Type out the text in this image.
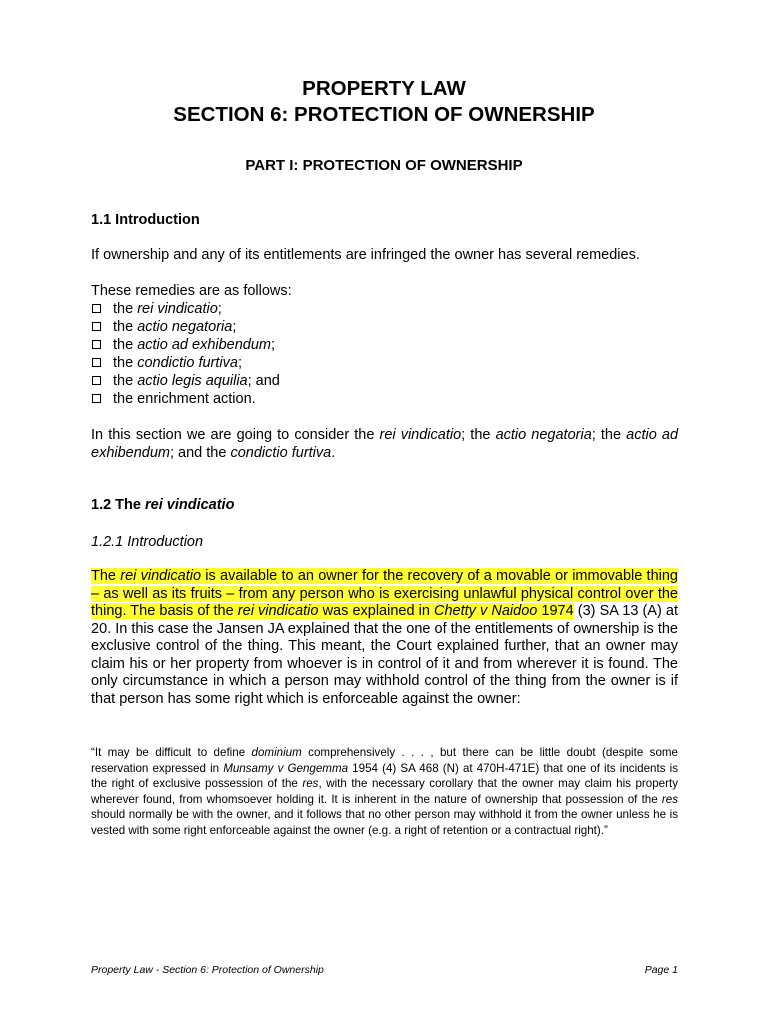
PROPERTY LAW
SECTION 6: PROTECTION OF OWNERSHIP
PART I: PROTECTION OF OWNERSHIP
1.1 Introduction
If ownership and any of its entitlements are infringed the owner has several remedies.
These remedies are as follows:
the rei vindicatio;
the actio negatoria;
the actio ad exhibendum;
the condictio furtiva;
the actio legis aquilia; and
the enrichment action.
In this section we are going to consider the rei vindicatio; the actio negatoria; the actio ad exhibendum; and the condictio furtiva.
1.2 The rei vindicatio
1.2.1 Introduction
The rei vindicatio is available to an owner for the recovery of a movable or immovable thing – as well as its fruits – from any person who is exercising unlawful physical control over the thing. The basis of the rei vindicatio was explained in Chetty v Naidoo 1974 (3) SA 13 (A) at 20. In this case the Jansen JA explained that the one of the entitlements of ownership is the exclusive control of the thing. This meant, the Court explained further, that an owner may claim his or her property from whoever is in control of it and from wherever it is found. The only circumstance in which a person may withhold control of the thing from the owner is if that person has some right which is enforceable against the owner:
“It may be difficult to define dominium comprehensively . . . , but there can be little doubt (despite some reservation expressed in Munsamy v Gengemma 1954 (4) SA 468 (N) at 470H-471E) that one of its incidents is the right of exclusive possession of the res, with the necessary corollary that the owner may claim his property wherever found, from whomsoever holding it. It is inherent in the nature of ownership that possession of the res should normally be with the owner, and it follows that no other person may withhold it from the owner unless he is vested with some right enforceable against the owner (e.g. a right of retention or a contractual right).”
Property Law - Section 6: Protection of Ownership	Page 1
